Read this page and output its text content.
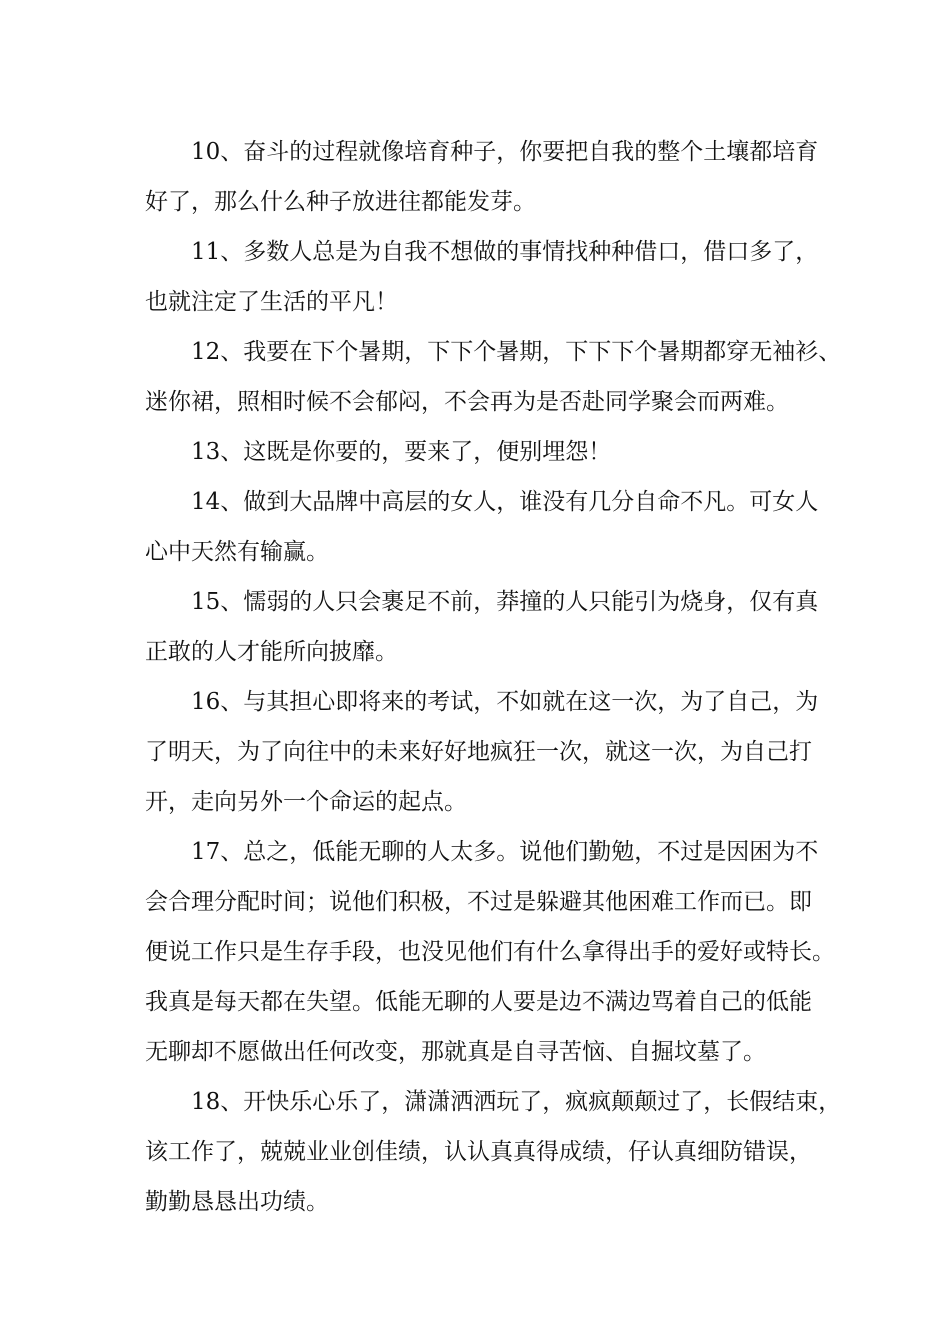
10、奋斗的过程就像培育种子，你要把自我的整个土壤都培育
好了，那么什么种子放进往都能发芽。
11、多数人总是为自我不想做的事情找种种借口，借口多了，
也就注定了生活的平凡！
12、我要在下个暑期，下下个暑期，下下下个暑期都穿无袖衫、
迷你裙，照相时候不会郁闷，不会再为是否赴同学聚会而两难。
13、这既是你要的，要来了，便别埋怨！
14、做到大品牌中高层的女人，谁没有几分自命不凡。可女人
心中天然有输赢。
15、懦弱的人只会裹足不前，莽撞的人只能引为烧身，仅有真
正敢的人才能所向披靡。
16、与其担心即将来的考试，不如就在这一次，为了自己，为
了明天，为了向往中的未来好好地疯狂一次，就这一次，为自己打
开，走向另外一个命运的起点。
17、总之，低能无聊的人太多。说他们勤勉，不过是因困为不
会合理分配时间；说他们积极，不过是躲避其他困难工作而已。即
便说工作只是生存手段，也没见他们有什么拿得出手的爱好或特长。
我真是每天都在失望。低能无聊的人要是边不满边骂着自己的低能
无聊却不愿做出任何改变，那就真是自寻苦恼、自掘坟墓了。
18、开快乐心乐了，潇潇洒洒玩了，疯疯颠颠过了，长假结束，
该工作了，兢兢业业创佳绩，认认真真得成绩，仔认真细防错误，
勤勤恳恳出功绩。
